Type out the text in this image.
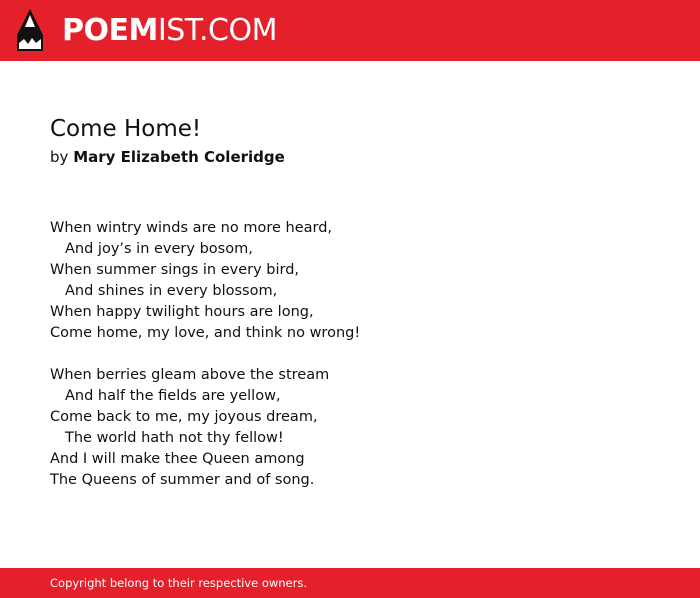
POEMIST.COM
Come Home!
by Mary Elizabeth Coleridge
When wintry winds are no more heard,
And joy’s in every bosom,
When summer sings in every bird,
And shines in every blossom,
When happy twilight hours are long,
Come home, my love, and think no wrong!
When berries gleam above the stream
And half the fields are yellow,
Come back to me, my joyous dream,
The world hath not thy fellow!
And I will make thee Queen among
The Queens of summer and of song.
Copyright belong to their respective owners.
